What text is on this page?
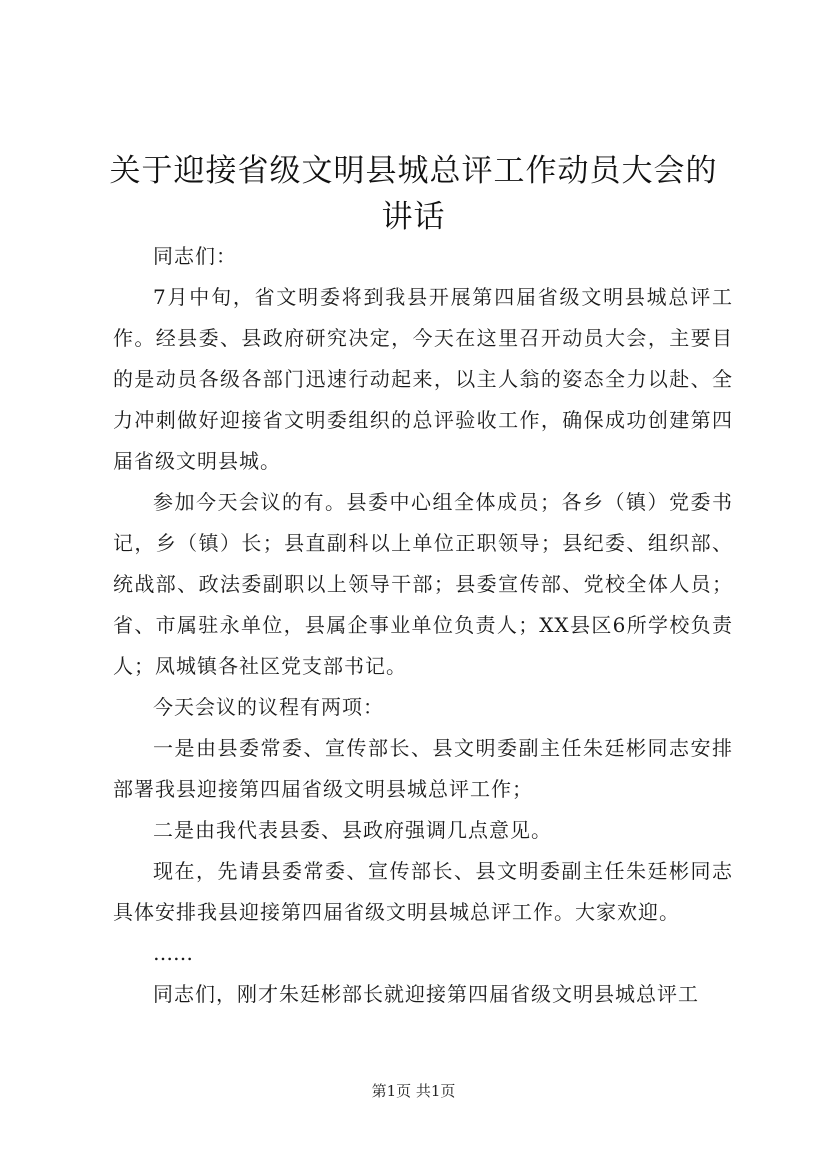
关于迎接省级文明县城总评工作动员大会的讲话

同志们：

7月中旬，省文明委将到我县开展第四届省级文明县城总评工作。经县委、县政府研究决定，今天在这里召开动员大会，主要目的是动员各级各部门迅速行动起来，以主人翁的姿态全力以赴、全力冲刺做好迎接省文明委组织的总评验收工作，确保成功创建第四届省级文明县城。

参加今天会议的有。县委中心组全体成员；各乡（镇）党委书记，乡（镇）长；县直副科以上单位正职领导；县纪委、组织部、统战部、政法委副职以上领导干部；县委宣传部、党校全体人员；省、市属驻永单位，县属企事业单位负责人；XX县区6所学校负责人；凤城镇各社区党支部书记。

今天会议的议程有两项：

一是由县委常委、宣传部长、县文明委副主任朱廷彬同志安排部署我县迎接第四届省级文明县城总评工作；

二是由我代表县委、县政府强调几点意见。

现在，先请县委常委、宣传部长、县文明委副主任朱廷彬同志具体安排我县迎接第四届省级文明县城总评工作。大家欢迎。

……

同志们，刚才朱廷彬部长就迎接第四届省级文明县城总评工

第1页 共1页
